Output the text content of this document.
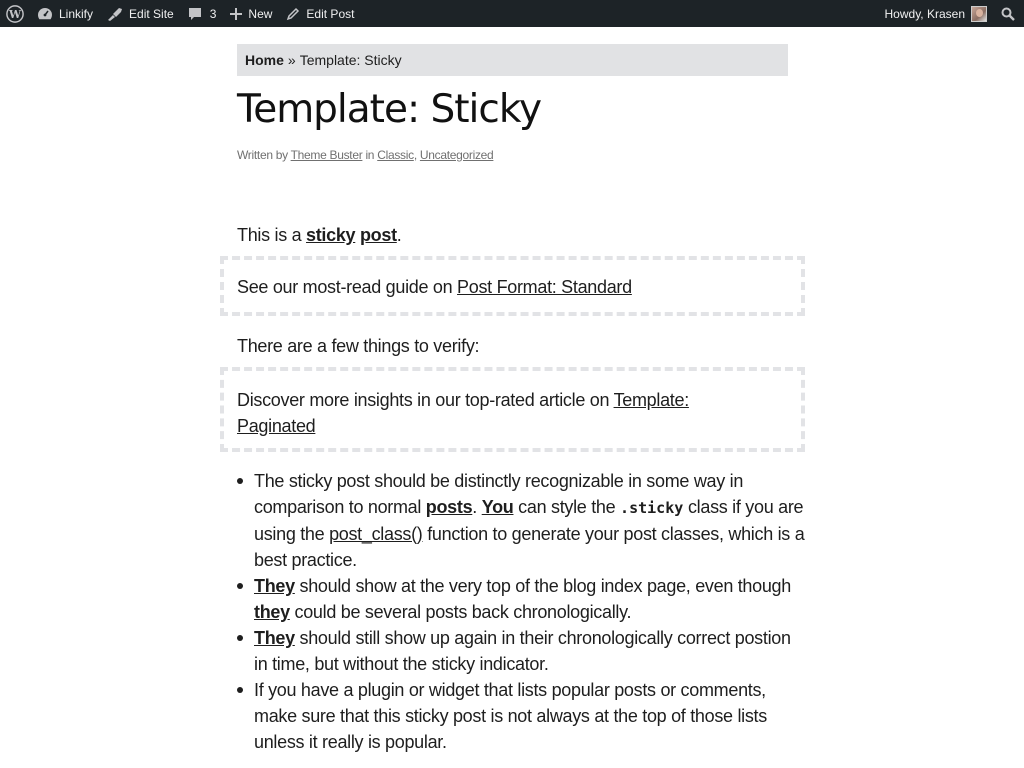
W	Linkify	Edit Site	3	New	Edit Post	Howdy, Krasen
Home » Template: Sticky
Template: Sticky
Written by Theme Buster in Classic, Uncategorized

This is a sticky post.

See our most-read guide on Post Format: Standard

There are a few things to verify:

Discover more insights in our top-rated article on Template: Paginated
The sticky post should be distinctly recognizable in some way in comparison to normal posts. You can style the .sticky class if you are using the post_class() function to generate your post classes, which is a best practice.
They should show at the very top of the blog index page, even though they could be several posts back chronologically.
They should still show up again in their chronologically correct postion in time, but without the sticky indicator.
If you have a plugin or widget that lists popular posts or comments, make sure that this sticky post is not always at the top of those lists unless it really is popular.
